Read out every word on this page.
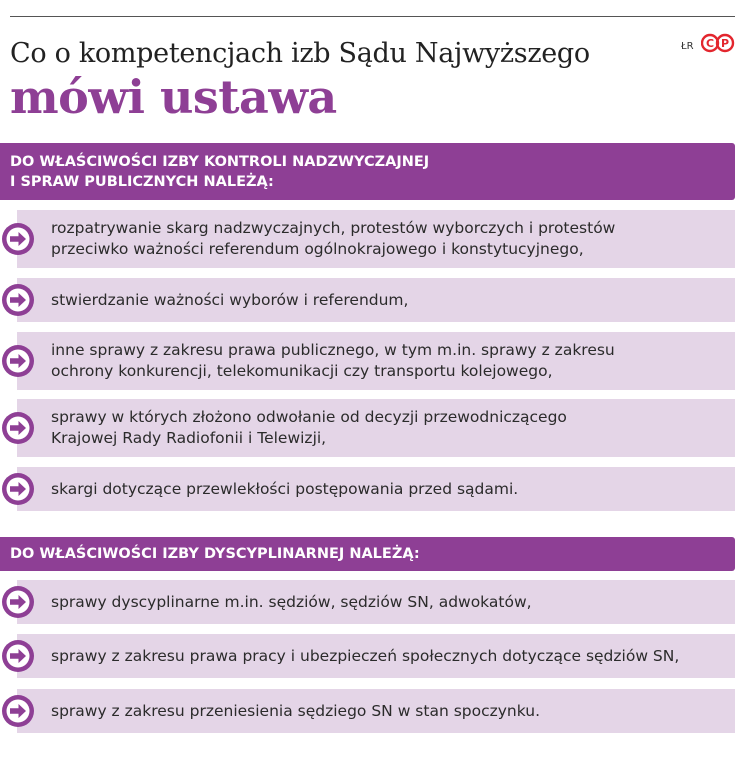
Co o kompetencjach izb Sądu Najwyższego
mówi ustawa
ŁR C P
DO WŁAŚCIWOŚCI IZBY KONTROLI NADZWYCZAJNEJ
I SPRAW PUBLICZNYCH NALEŻĄ:
rozpatrywanie skarg nadzwyczajnych, protestów wyborczych i protestów
przeciwko ważności referendum ogólnokrajowego i konstytucyjnego,
stwierdzanie ważności wyborów i referendum,
inne sprawy z zakresu prawa publicznego, w tym m.in. sprawy z zakresu
ochrony konkurencji, telekomunikacji czy transportu kolejowego,
sprawy w których złożono odwołanie od decyzji przewodniczącego
Krajowej Rady Radiofonii i Telewizji,
skargi dotyczące przewlekłości postępowania przed sądami.
DO WŁAŚCIWOŚCI IZBY DYSCYPLINARNEJ NALEŻĄ:
sprawy dyscyplinarne m.in. sędziów, sędziów SN, adwokatów,
sprawy z zakresu prawa pracy i ubezpieczeń społecznych dotyczące sędziów SN,
sprawy z zakresu przeniesienia sędziego SN w stan spoczynku.
